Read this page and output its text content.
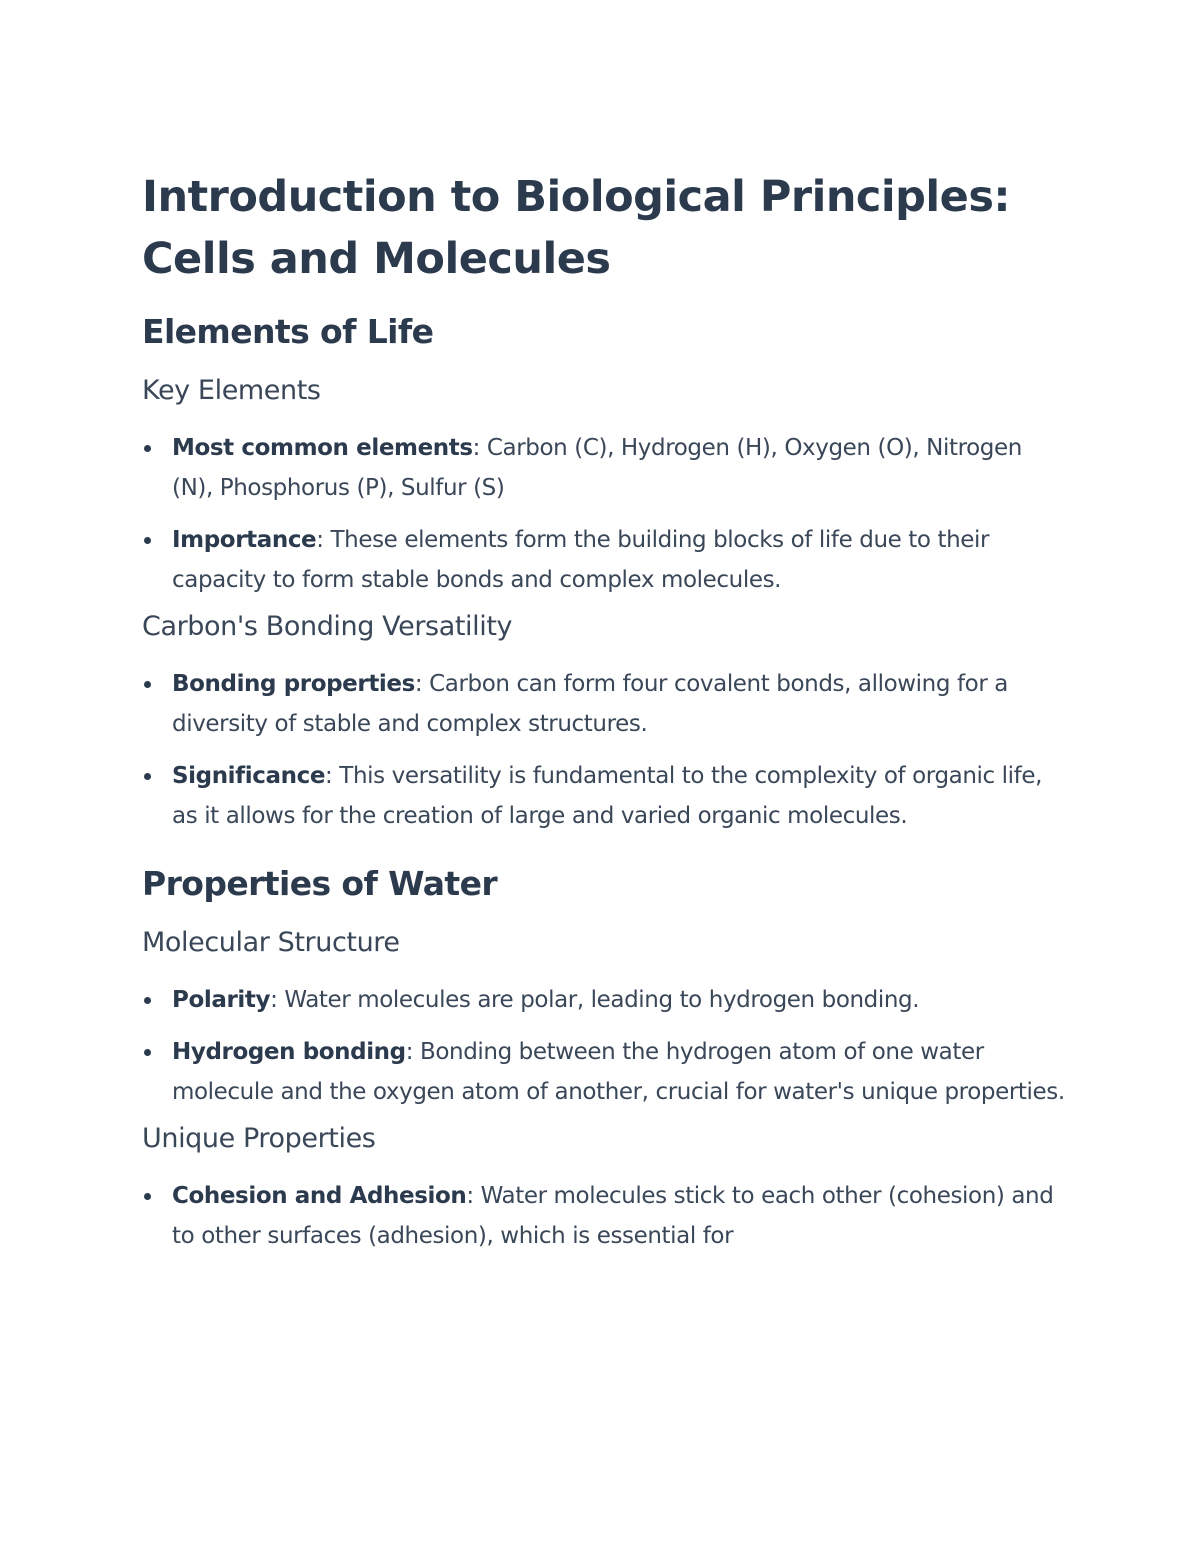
Introduction to Biological Principles: Cells and Molecules
Elements of Life
Key Elements
Most common elements: Carbon (C), Hydrogen (H), Oxygen (O), Nitrogen (N), Phosphorus (P), Sulfur (S)
Importance: These elements form the building blocks of life due to their capacity to form stable bonds and complex molecules.
Carbon's Bonding Versatility
Bonding properties: Carbon can form four covalent bonds, allowing for a diversity of stable and complex structures.
Significance: This versatility is fundamental to the complexity of organic life, as it allows for the creation of large and varied organic molecules.
Properties of Water
Molecular Structure
Polarity: Water molecules are polar, leading to hydrogen bonding.
Hydrogen bonding: Bonding between the hydrogen atom of one water molecule and the oxygen atom of another, crucial for water's unique properties.
Unique Properties
Cohesion and Adhesion: Water molecules stick to each other (cohesion) and to other surfaces (adhesion), which is essential for
